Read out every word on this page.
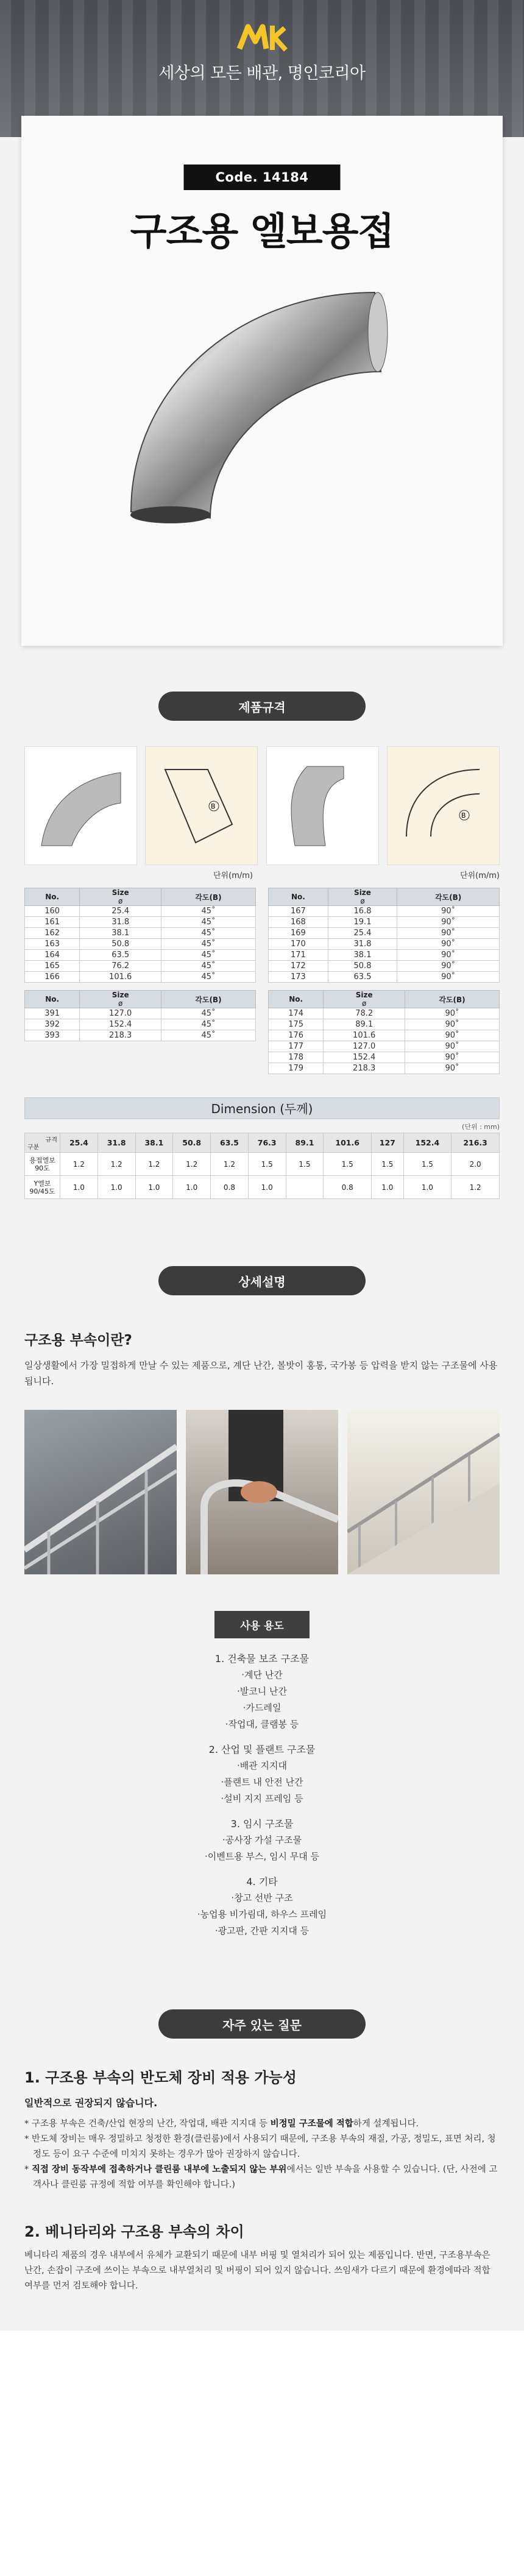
세상의 모든 배관, 명인코리아
Code. 14184
구조용 엘보용접
제품규격
B
B
단위(m/m)	단위(m/m)
No.	Size
ø	각도(B)
160	25.4	45˚
161	31.8	45˚
162	38.1	45˚
163	50.8	45˚
164	63.5	45˚
165	76.2	45˚
166	101.6	45˚
No.	Size
ø	각도(B)
391	127.0	45˚
392	152.4	45˚
393	218.3	45˚
No.	Size
ø	각도(B)
167	16.8	90˚
168	19.1	90˚
169	25.4	90˚
170	31.8	90˚
171	38.1	90˚
172	50.8	90˚
173	63.5	90˚
No.	Size
ø	각도(B)
174	78.2	90˚
175	89.1	90˚
176	101.6	90˚
177	127.0	90˚
178	152.4	90˚
179	218.3	90˚
Dimension (두께)
(단위 : mm)
규격
구분	25.4	31.8	38.1	50.8	63.5	76.3	89.1	101.6	127	152.4	216.3
용접엘보 90도	1.2	1.2	1.2	1.2	1.2	1.5	1.5	1.5	1.5	1.5	2.0
Y엘보 90/45도	1.0	1.0	1.0	1.0	0.8	1.0		0.8	1.0	1.0	1.2
상세설명
구조용 부속이란?

일상생활에서 가장 밀접하게 만날 수 있는 제품으로, 계단 난간, 볼밧이 홍통, 국가봉 등 압력을 받지 않는 구조물에 사용됩니다.

사용 용도
1. 건축물 보조 구조물
·계단 난간
·발코니 난간
·가드레일
·작업대, 클램봉 등
2. 산업 및 플랜트 구조물
·배관 지지대
·플랜트 내 안전 난간
·설비 지지 프레임 등
3. 임시 구조물
·공사장 가설 구조물
·이벤트용 부스, 임시 무대 등
4. 기타
·창고 선반 구조
·농업용 비가림대, 하우스 프레임
·광고판, 간판 지지대 등
자주 있는 질문
1. 구조용 부속의 반도체 장비 적용 가능성
일반적으로 권장되지 않습니다.
* 구조용 부속은 건축/산업 현장의 난간, 작업대, 배관 지지대 등 비정밀 구조물에 적합하게 설계됩니다.
* 반도체 장비는 매우 정밀하고 청정한 환경(클린룸)에서 사용되기 때문에, 구조용 부속의 재질, 가공, 정밀도, 표면 처리, 청정도 등이 요구 수준에 미치지 못하는 경우가 많아 권장하지 않습니다.
* 직접 장비 동작부에 접촉하거나 클린룸 내부에 노출되지 않는 부위에서는 일반 부속을 사용할 수 있습니다. (단, 사전에 고객사나 클린룸 규정에 적합 여부를 확인해야 합니다.)
2. 베니타리와 구조용 부속의 차이

베니타리 제품의 경우 내부에서 유체가 교환되기 때문에 내부 버핑 및 열처리가 되어 있는 제품입니다. 반면, 구조용부속은 난간, 손잡이 구조에 쓰이는 부속으로 내부열처리 및 버핑이 되어 있지 않습니다. 쓰임새가 다르기 때문에 환경에따라 적합 여부를 먼저 검토해야 합니다.
